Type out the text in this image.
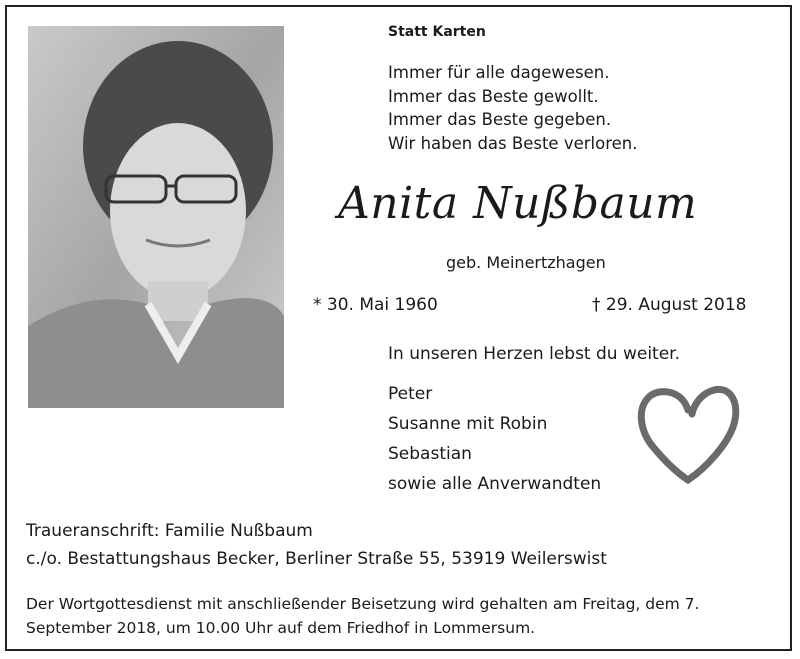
Statt Karten
Immer für alle dagewesen.
Immer das Beste gewollt.
Immer das Beste gegeben.
Wir haben das Beste verloren.
Anita Nußbaum
geb. Meinertzhagen
* 30. Mai 1960	† 29. August 2018
In unseren Herzen lebst du weiter.
Peter
Susanne mit Robin
Sebastian
sowie alle Anverwandten
Traueranschrift: Familie Nußbaum
c./o. Bestattungshaus Becker, Berliner Straße 55, 53919 Weilerswist
Der Wortgottesdienst mit anschließender Beisetzung wird gehalten am Freitag, dem 7. September 2018, um 10.00 Uhr auf dem Friedhof in Lommersum.
